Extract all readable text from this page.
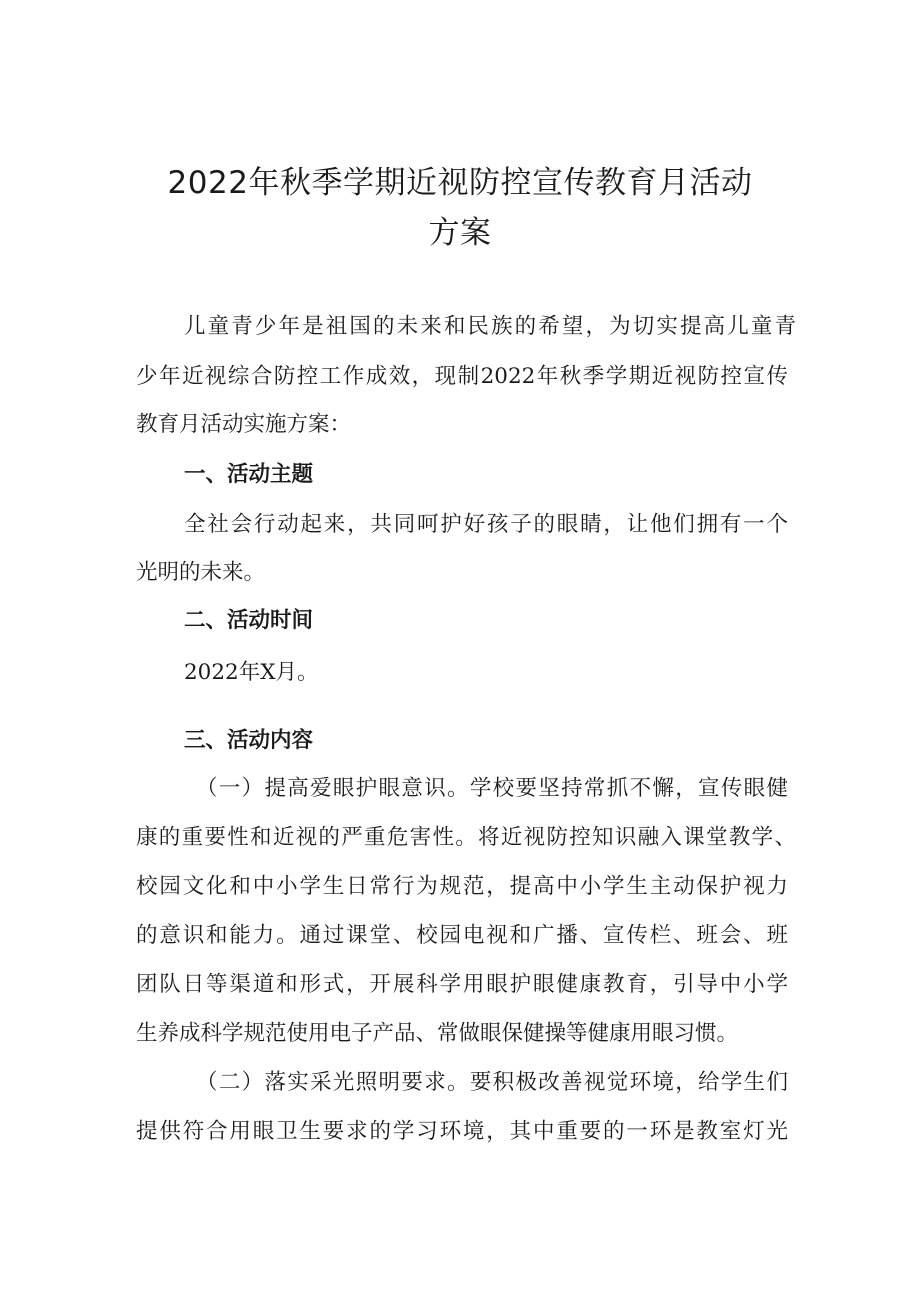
2022年秋季学期近视防控宣传教育月活动
方案

儿童青少年是祖国的未来和民族的希望，为切实提高儿童青

少年近视综合防控工作成效，现制2022年秋季学期近视防控宣传

教育月活动实施方案：

一、活动主题

全社会行动起来，共同呵护好孩子的眼睛，让他们拥有一个

光明的未来。

二、活动时间

2022年X月。

三、活动内容

（一）提高爱眼护眼意识。学校要坚持常抓不懈，宣传眼健

康的重要性和近视的严重危害性。将近视防控知识融入课堂教学、

校园文化和中小学生日常行为规范，提高中小学生主动保护视力

的意识和能力。通过课堂、校园电视和广播、宣传栏、班会、班

团队日等渠道和形式，开展科学用眼护眼健康教育，引导中小学

生养成科学规范使用电子产品、常做眼保健操等健康用眼习惯。

（二）落实采光照明要求。要积极改善视觉环境，给学生们

提供符合用眼卫生要求的学习环境，其中重要的一环是教室灯光
